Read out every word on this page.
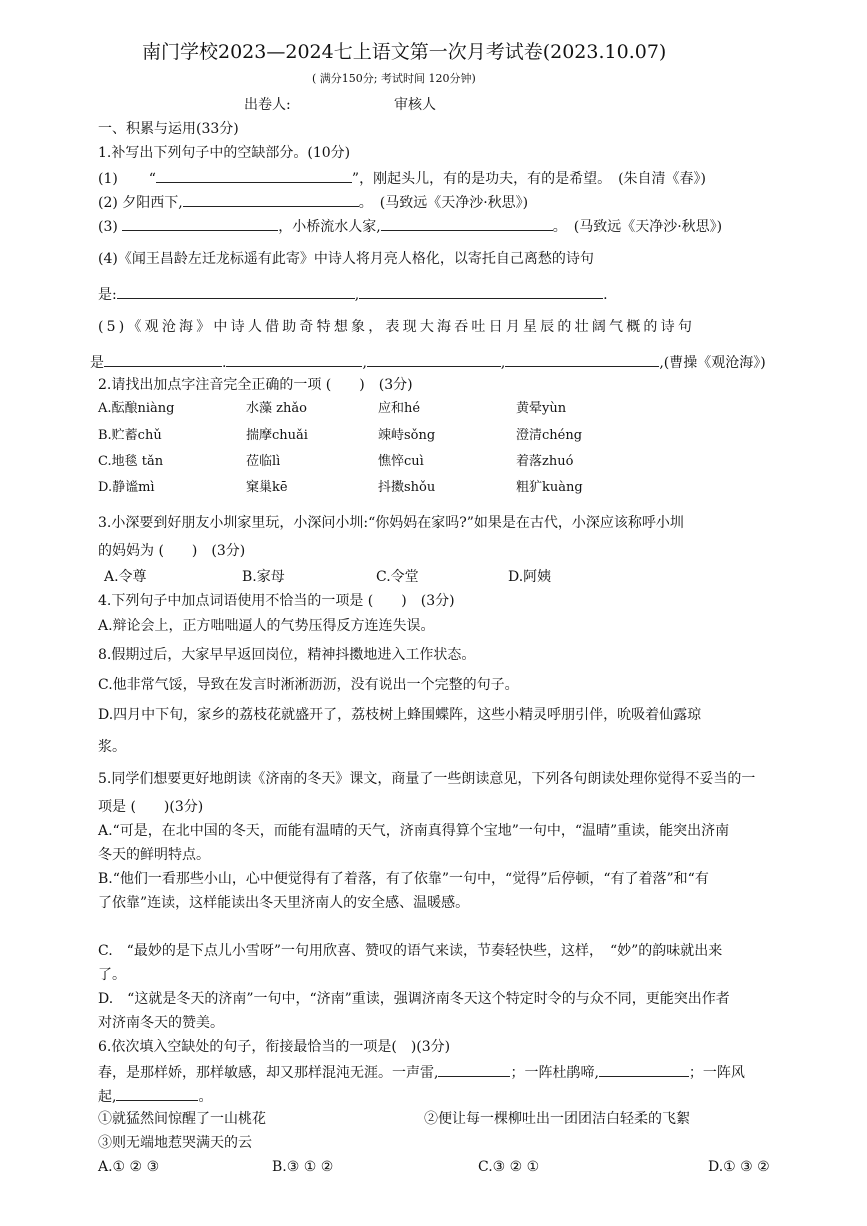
南门学校2023—2024七上语文第一次月考试卷(2023.10.07)
( 满分150分; 考试时间 120分钟)
出卷人:	审核人
一、积累与运用(33分)
1.补写出下列句子中的空缺部分。(10分)
(1) “	”，刚起头儿，有的是功夫，有的是希望。　(朱自清《春》)
(2) 夕阳西下,	。　(马致远《天净沙·秋思》)
(3)	，小桥流水人家,	。　(马致远《天净沙·秋思》)
(4)《闻王昌龄左迁龙标遥有此寄》中诗人将月亮人格化，以寄托自己离愁的诗句
是:	,	.
(5)《观沧海》中诗人借助奇特想象，表现大海吞吐日月星辰的壮阔气概的诗句
是	.	,	,	,(曹操《观沧海》)
2.请找出加点字注音完全正确的一项 (　　)　(3分)
A.酝酿niàng	水藻 zhǎo	应和hé	黄晕yùn
B.贮蓄chǔ	揣摩chuǎi	竦峙sǒng	澄清chéng
C.地毯 tǎn	莅临lì	憔悴cuì	着落zhuó
D.静谧mì	窠巢kē	抖擞shǒu	粗犷kuàng
3.小深要到好朋友小圳家里玩，小深问小圳:“你妈妈在家吗?”如果是在古代，小深应该称呼小圳
的妈妈为 (　　)　(3分)
A.令尊	B.家母	C.令堂	D.阿姨
4.下列句子中加点词语使用不恰当的一项是 (　　)　(3分)
A.辩论会上，正方咄咄逼人的气势压得反方连连失误。
8.假期过后，大家早早返回岗位，精神抖擞地进入工作状态。
C.他非常气馁，导致在发言时淅淅沥沥，没有说出一个完整的句子。
D.四月中下旬，家乡的荔枝花就盛开了，荔枝树上蜂围蝶阵，这些小精灵呼朋引伴，吮吸着仙露琼
浆。
5.同学们想要更好地朗读《济南的冬天》课文，商量了一些朗读意见，下列各句朗读处理你觉得不妥当的一
项是 (　　)(3分)
A.“可是，在北中国的冬天，而能有温晴的天气，济南真得算个宝地”一句中，“温晴”重读，能突出济南
冬天的鲜明特点。
B.“他们一看那些小山，心中便觉得有了着落，有了依靠”一句中，“觉得”后停顿，“有了着落”和“有
了依靠”连读，这样能读出冬天里济南人的安全感、温暖感。
C.　“最妙的是下点儿小雪呀”一句用欣喜、赞叹的语气来读，节奏轻快些，这样，　“妙”的韵味就出来
了。
D.　“这就是冬天的济南”一句中，“济南”重读，强调济南冬天这个特定时令的与众不同，更能突出作者
对济南冬天的赞美。
6.依次填入空缺处的句子，衔接最恰当的一项是(　)(3分)
春，是那样娇，那样敏感，却又那样混沌无涯。一声雷,	；一阵杜鹃啼,	；一阵风
起,	。
①就猛然间惊醒了一山桃花	②便让每一棵柳吐出一团团洁白轻柔的飞絮
③则无端地惹哭满天的云
A.① ② ③	B.③ ① ②	C.③ ② ①	D.① ③ ②
